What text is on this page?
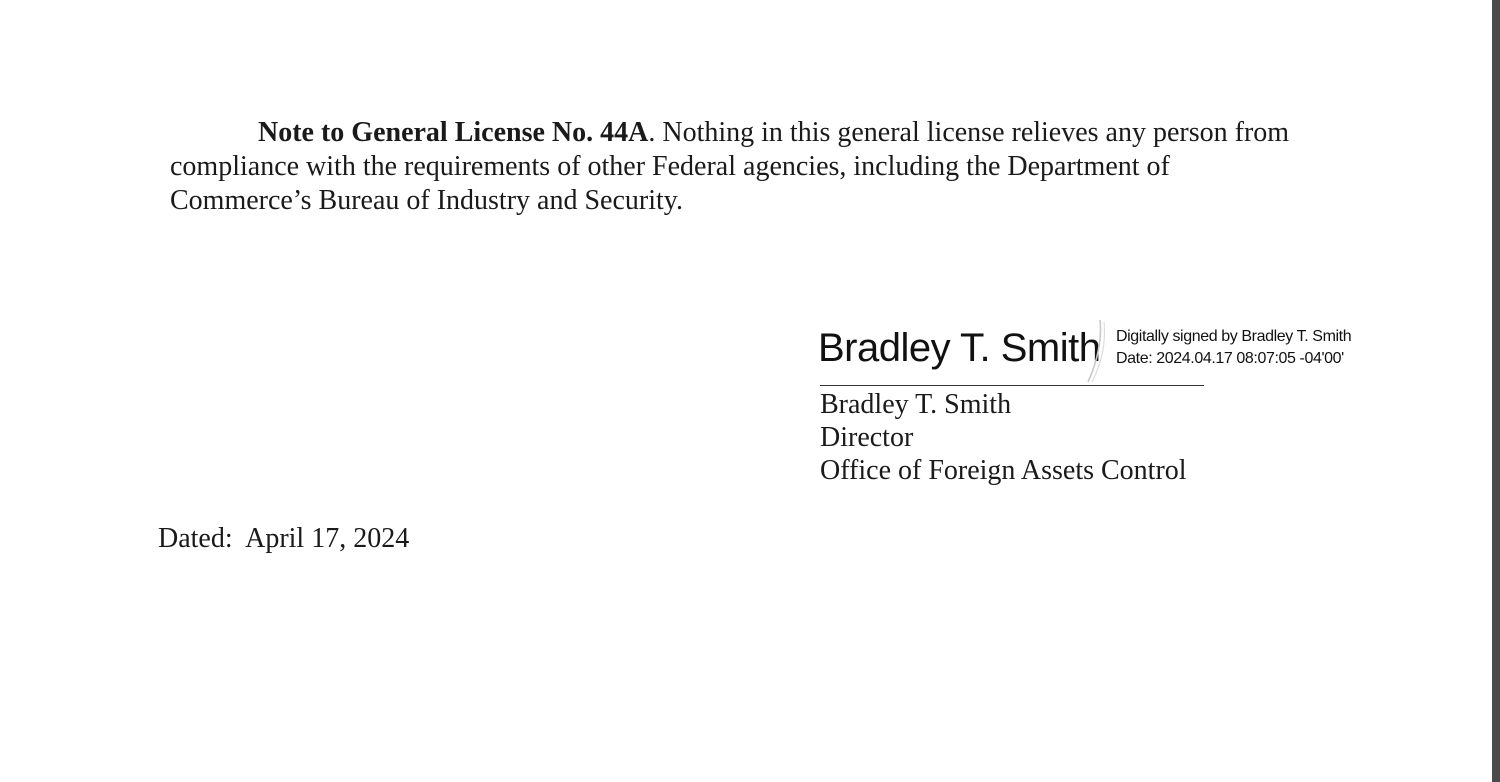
Note to General License No. 44A. Nothing in this general license relieves any person from compliance with the requirements of other Federal agencies, including the Department of Commerce’s Bureau of Industry and Security.

Bradley T. Smith Digitally signed by Bradley T. Smith
Date: 2024.04.17 08:07:05 -04'00'
Bradley T. Smith
Director
Office of Foreign Assets Control
Dated: April 17, 2024
